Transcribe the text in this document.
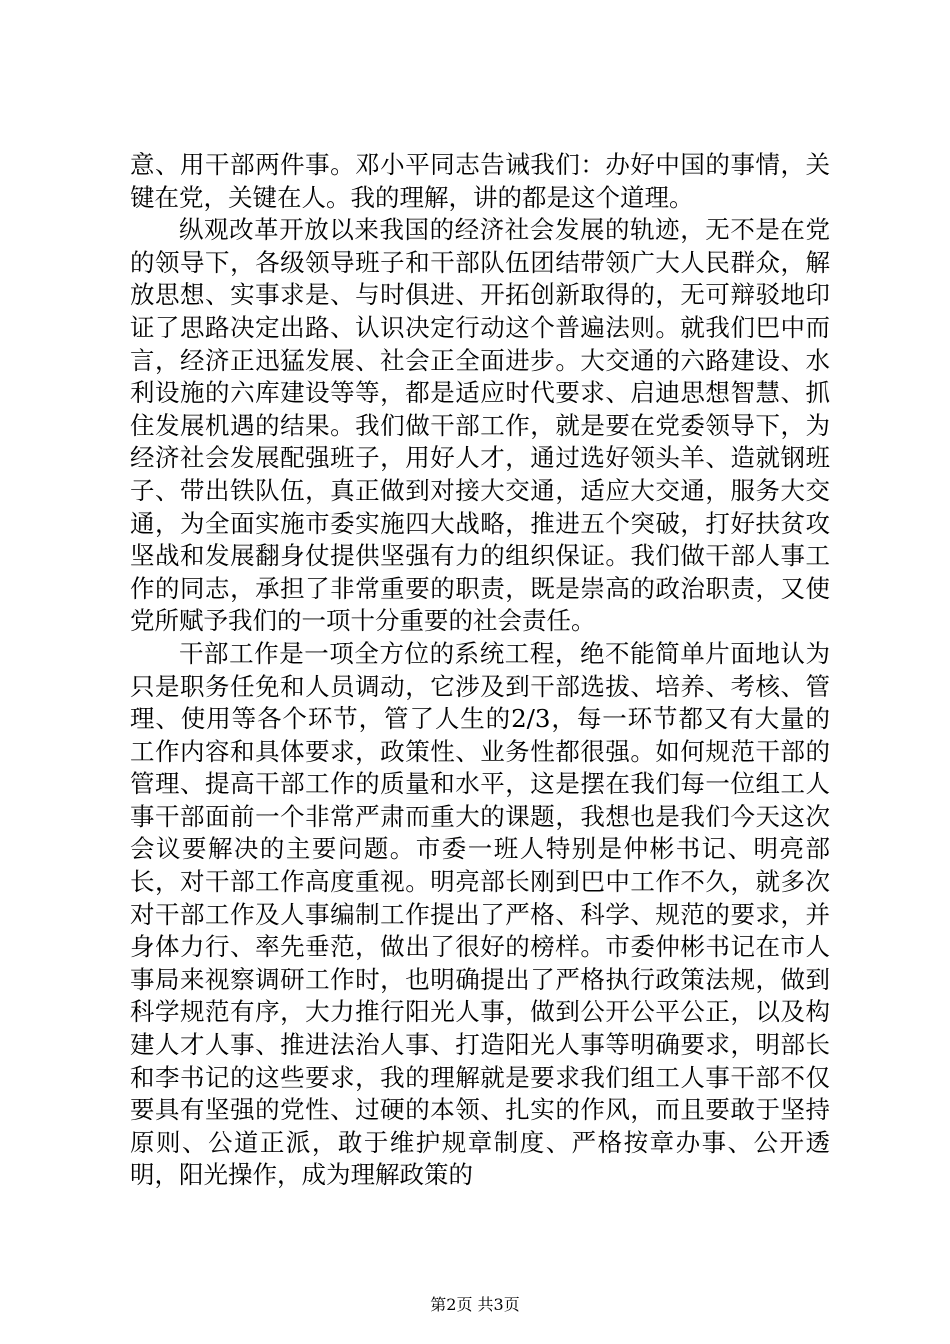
意、用干部两件事。邓小平同志告诫我们：办好中国的事情，关键在党，关键在人。我的理解，讲的都是这个道理。

纵观改革开放以来我国的经济社会发展的轨迹，无不是在党的领导下，各级领导班子和干部队伍团结带领广大人民群众，解放思想、实事求是、与时俱进、开拓创新取得的，无可辩驳地印证了思路决定出路、认识决定行动这个普遍法则。就我们巴中而言，经济正迅猛发展、社会正全面进步。大交通的六路建设、水利设施的六库建设等等，都是适应时代要求、启迪思想智慧、抓住发展机遇的结果。我们做干部工作，就是要在党委领导下，为经济社会发展配强班子，用好人才，通过选好领头羊、造就钢班子、带出铁队伍，真正做到对接大交通，适应大交通，服务大交通，为全面实施市委实施四大战略，推进五个突破，打好扶贫攻坚战和发展翻身仗提供坚强有力的组织保证。我们做干部人事工作的同志，承担了非常重要的职责，既是崇高的政治职责，又使党所赋予我们的一项十分重要的社会责任。

干部工作是一项全方位的系统工程，绝不能简单片面地认为只是职务任免和人员调动，它涉及到干部选拔、培养、考核、管理、使用等各个环节，管了人生的2/3，每一环节都又有大量的工作内容和具体要求，政策性、业务性都很强。如何规范干部的管理、提高干部工作的质量和水平，这是摆在我们每一位组工人事干部面前一个非常严肃而重大的课题，我想也是我们今天这次会议要解决的主要问题。市委一班人特别是仲彬书记、明亮部长，对干部工作高度重视。明亮部长刚到巴中工作不久，就多次对干部工作及人事编制工作提出了严格、科学、规范的要求，并身体力行、率先垂范，做出了很好的榜样。市委仲彬书记在市人事局来视察调研工作时，也明确提出了严格执行政策法规，做到科学规范有序，大力推行阳光人事，做到公开公平公正，以及构建人才人事、推进法治人事、打造阳光人事等明确要求，明部长和李书记的这些要求，我的理解就是要求我们组工人事干部不仅要具有坚强的党性、过硬的本领、扎实的作风，而且要敢于坚持原则、公道正派，敢于维护规章制度、严格按章办事、公开透明，阳光操作，成为理解政策的

第2页 共3页
